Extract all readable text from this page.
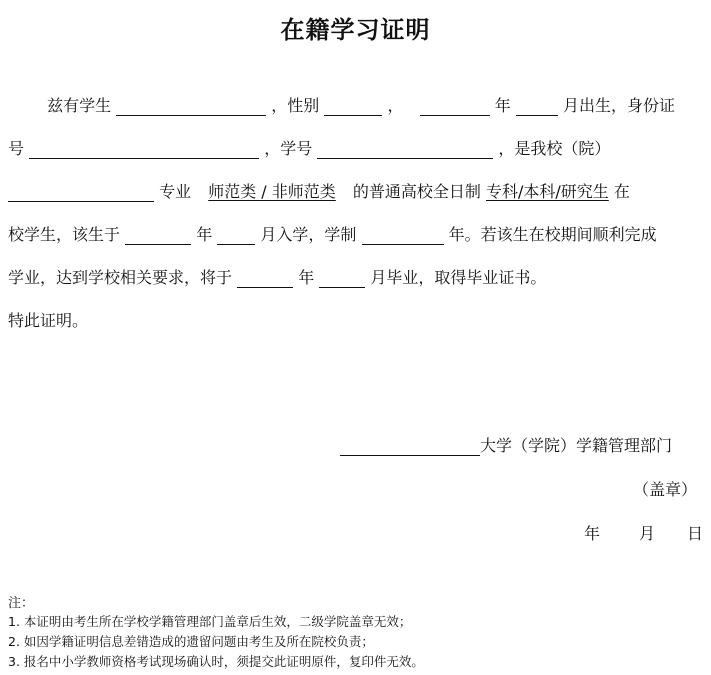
在籍学习证明
兹有学生	，性别	，	年	月出生，身份证
号	，学号	，是我校（院）
专业 师范类 / 非师范类 的普通高校全日制 专科/本科/研究生 在
校学生，该生于	年	月入学，学制	年。若该生在校期间顺利完成
学业，达到学校相关要求，将于	年	月毕业，取得毕业证书。
特此证明。
大学（学院）学籍管理部门
（盖章）
年 月 日
注：
1. 本证明由考生所在学校学籍管理部门盖章后生效，二级学院盖章无效；
2. 如因学籍证明信息差错造成的遗留问题由考生及所在院校负责；
3. 报名中小学教师资格考试现场确认时，须提交此证明原件，复印件无效。
